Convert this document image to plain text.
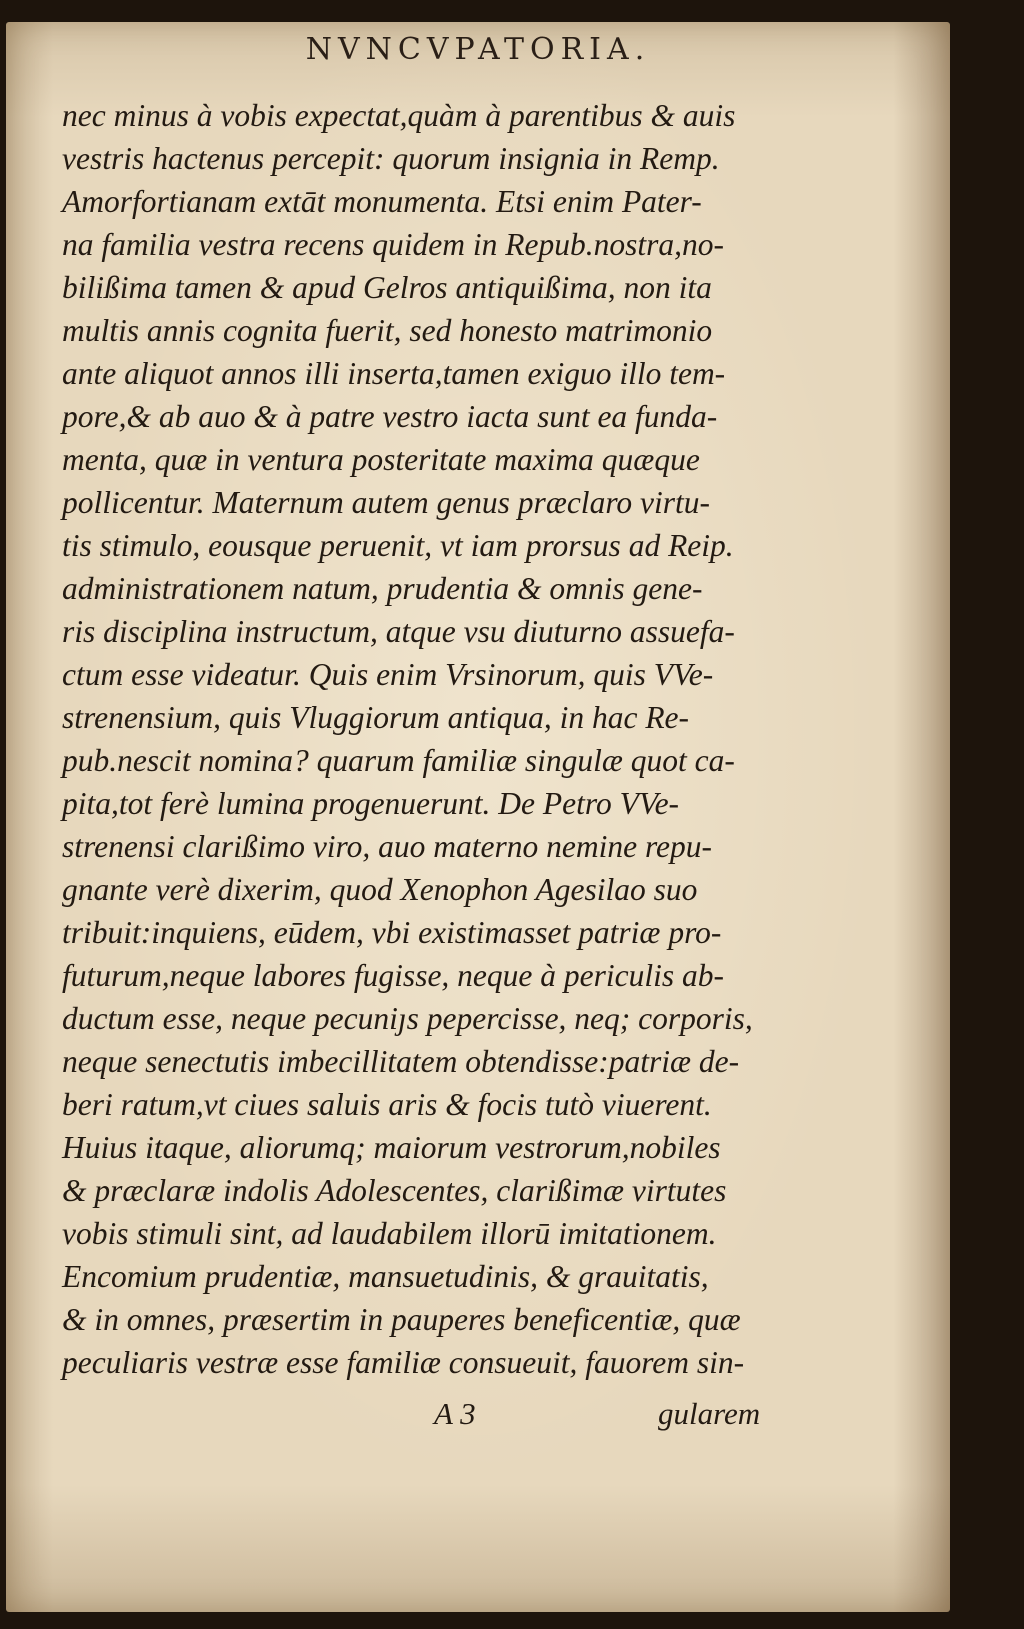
NVNCVPATORIA.
nec minus à vobis expectat,quàm à parentibus & auis
vestris hactenus percepit: quorum insignia in Remp.
Amorfortianam extāt monumenta. Etsi enim Pater-
na familia vestra recens quidem in Repub.nostra,no-
bilißima tamen & apud Gelros antiquißima, non ita
multis annis cognita fuerit, sed honesto matrimonio
ante aliquot annos illi inserta,tamen exiguo illo tem-
pore,& ab auo & à patre vestro iacta sunt ea funda-
menta, quæ in ventura posteritate maxima quæque
pollicentur. Maternum autem genus præclaro virtu-
tis stimulo, eousque peruenit, vt iam prorsus ad Reip.
administrationem natum, prudentia & omnis gene-
ris disciplina instructum, atque vsu diuturno assuefa-
ctum esse videatur. Quis enim Vrsinorum, quis VVe-
strenensium, quis Vluggiorum antiqua, in hac Re-
pub.nescit nomina? quarum familiæ singulæ quot ca-
pita,tot ferè lumina progenuerunt. De Petro VVe-
strenensi clarißimo viro, auo materno nemine repu-
gnante verè dixerim, quod Xenophon Agesilao suo
tribuit:inquiens, eūdem, vbi existimasset patriæ pro-
futurum,neque labores fugisse, neque à periculis ab-
ductum esse, neque pecuniȷs pepercisse, neq; corporis,
neque senectutis imbecillitatem obtendisse:patriæ de-
beri ratum,vt ciues saluis aris & focis tutò viuerent.
Huius itaque, aliorumq; maiorum vestrorum,nobiles
& præclaræ indolis Adolescentes, clarißimæ virtutes
vobis stimuli sint, ad laudabilem illorū imitationem.
Encomium prudentiæ, mansuetudinis, & grauitatis,
& in omnes, præsertim in pauperes beneficentiæ, quæ
peculiaris vestræ esse familiæ consueuit, fauorem sin-
A 3	gularem
